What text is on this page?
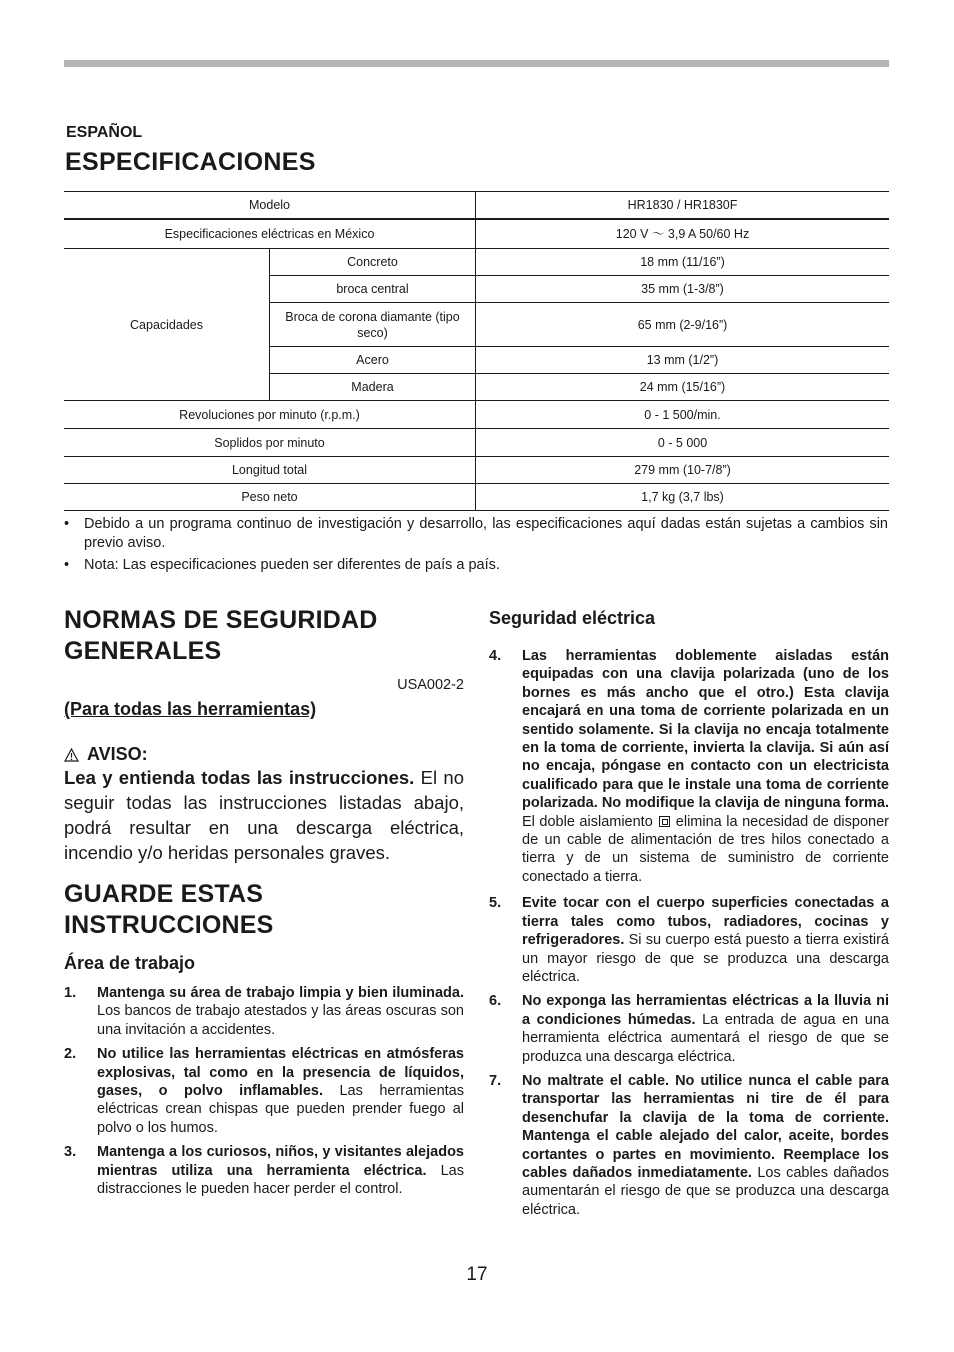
ESPAÑOL
ESPECIFICACIONES
Modelo		HR1830 / HR1830F
Especificaciones eléctricas en México		120 V ～ 3,9 A 50/60 Hz
Capacidades	Concreto	18 mm (11/16”)
	broca central	35 mm (1-3/8”)
	Broca de corona diamante (tipo seco)	65 mm (2-9/16”)
	Acero	13 mm (1/2”)
	Madera	24 mm (15/16”)
Revoluciones por minuto (r.p.m.)		0 - 1 500/min.
Soplidos por minuto		0 - 5 000
Longitud total		279 mm (10-7/8”)
Peso neto		1,7 kg (3,7 lbs)
• Debido a un programa continuo de investigación y desarrollo, las especificaciones aquí dadas están sujetas a cambios sin previo aviso.
• Nota: Las especificaciones pueden ser diferentes de país a país.
NORMAS DE SEGURIDAD GENERALES
USA002-2
(Para todas las herramientas)
AVISO:
Lea y entienda todas las instrucciones. El no seguir todas las instrucciones listadas abajo, podrá resultar en una descarga eléctrica, incendio y/o heridas personales graves.
GUARDE ESTAS INSTRUCCIONES
Área de trabajo
1. Mantenga su área de trabajo limpia y bien iluminada. Los bancos de trabajo atestados y las áreas oscuras son una invitación a accidentes.
2. No utilice las herramientas eléctricas en atmósferas explosivas, tal como en la presencia de líquidos, gases, o polvo inflamables. Las herramientas eléctricas crean chispas que pueden prender fuego al polvo o los humos.
3. Mantenga a los curiosos, niños, y visitantes alejados mientras utiliza una herramienta eléctrica. Las distracciones le pueden hacer perder el control.
Seguridad eléctrica
4. Las herramientas doblemente aisladas están equipadas con una clavija polarizada (uno de los bornes es más ancho que el otro.) Esta clavija encajará en una toma de corriente polarizada en un sentido solamente. Si la clavija no encaja totalmente en la toma de corriente, invierta la clavija. Si aún así no encaja, póngase en contacto con un electricista cualificado para que le instale una toma de corriente polarizada. No modifique la clavija de ninguna forma. El doble aislamiento elimina la necesidad de disponer de un cable de alimentación de tres hilos conectado a tierra y de un sistema de suministro de corriente conectado a tierra.
5. Evite tocar con el cuerpo superficies conectadas a tierra tales como tubos, radiadores, cocinas y refrigeradores. Si su cuerpo está puesto a tierra existirá un mayor riesgo de que se produzca una descarga eléctrica.
6. No exponga las herramientas eléctricas a la lluvia ni a condiciones húmedas. La entrada de agua en una herramienta eléctrica aumentará el riesgo de que se produzca una descarga eléctrica.
7. No maltrate el cable. No utilice nunca el cable para transportar las herramientas ni tire de él para desenchufar la clavija de la toma de corriente. Mantenga el cable alejado del calor, aceite, bordes cortantes o partes en movimiento. Reemplace los cables dañados inmediatamente. Los cables dañados aumentarán el riesgo de que se produzca una descarga eléctrica.
17
